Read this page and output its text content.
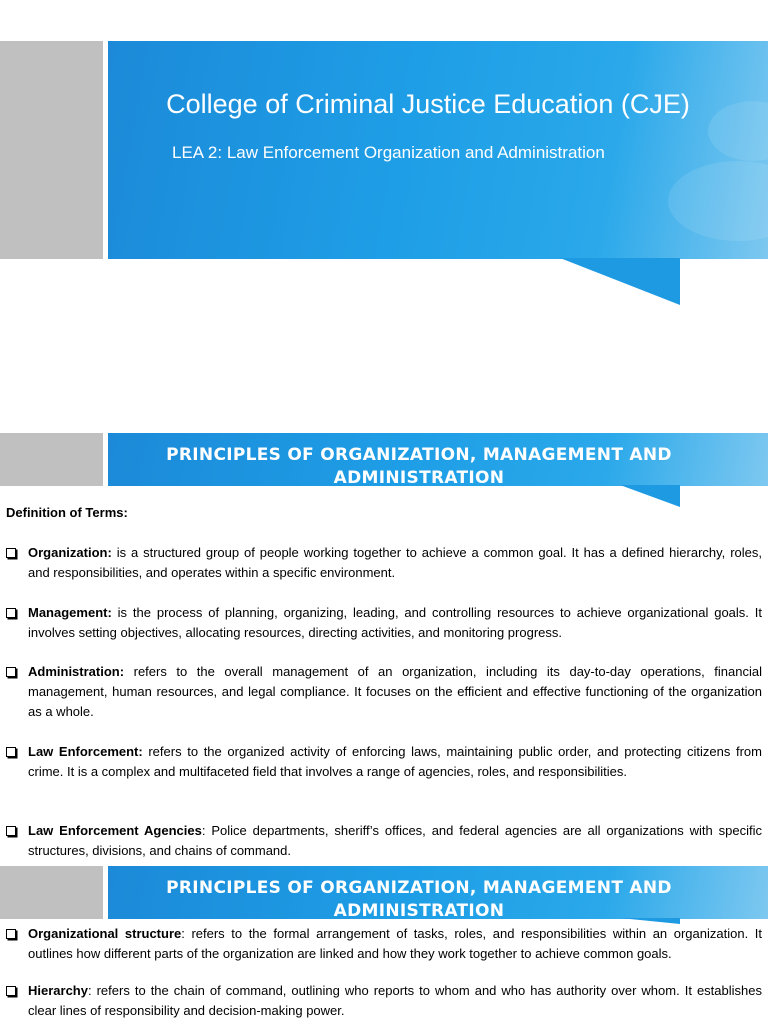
College of Criminal Justice Education (CJE)
LEA 2: Law Enforcement Organization and Administration
PRINCIPLES OF ORGANIZATION, MANAGEMENT AND ADMINISTRATION
Definition of Terms:
Organization: is a structured group of people working together to achieve a common goal. It has a defined hierarchy, roles, and responsibilities, and operates within a specific environment.
Management: is the process of planning, organizing, leading, and controlling resources to achieve organizational goals. It involves setting objectives, allocating resources, directing activities, and monitoring progress.
Administration: refers to the overall management of an organization, including its day-to-day operations, financial management, human resources, and legal compliance. It focuses on the efficient and effective functioning of the organization as a whole.
Law Enforcement: refers to the organized activity of enforcing laws, maintaining public order, and protecting citizens from crime. It is a complex and multifaceted field that involves a range of agencies, roles, and responsibilities.
Law Enforcement Agencies: Police departments, sheriff’s offices, and federal agencies are all organizations with specific structures, divisions, and chains of command.
PRINCIPLES OF ORGANIZATION, MANAGEMENT AND ADMINISTRATION
Organizational structure: refers to the formal arrangement of tasks, roles, and responsibilities within an organization. It outlines how different parts of the organization are linked and how they work together to achieve common goals.
Hierarchy: refers to the chain of command, outlining who reports to whom and who has authority over whom. It establishes clear lines of responsibility and decision-making power.
